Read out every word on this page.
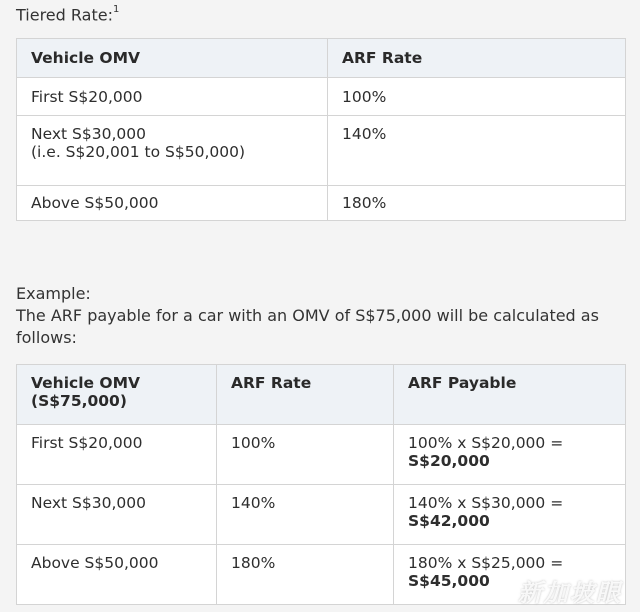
Tiered Rate:$^1$
Vehicle OMV	ARF Rate
First S$20,000	100%

Next S$30,000
(i.e. S$20,001 to S$50,000)	140%
Above S$50,000	180%
Example:
The ARF payable for a car with an OMV of S$75,000 will be calculated as follows:
Vehicle OMV
(S$75,000)	ARF Rate	ARF Payable
First S$20,000	100%	100% x S$20,000 =
S$20,000

Next S$30,000	140%	140% x S$30,000 =
S$42,000

Above S$50,000	180%	180% x S$25,000 =
S$45,000	新加坡眼
